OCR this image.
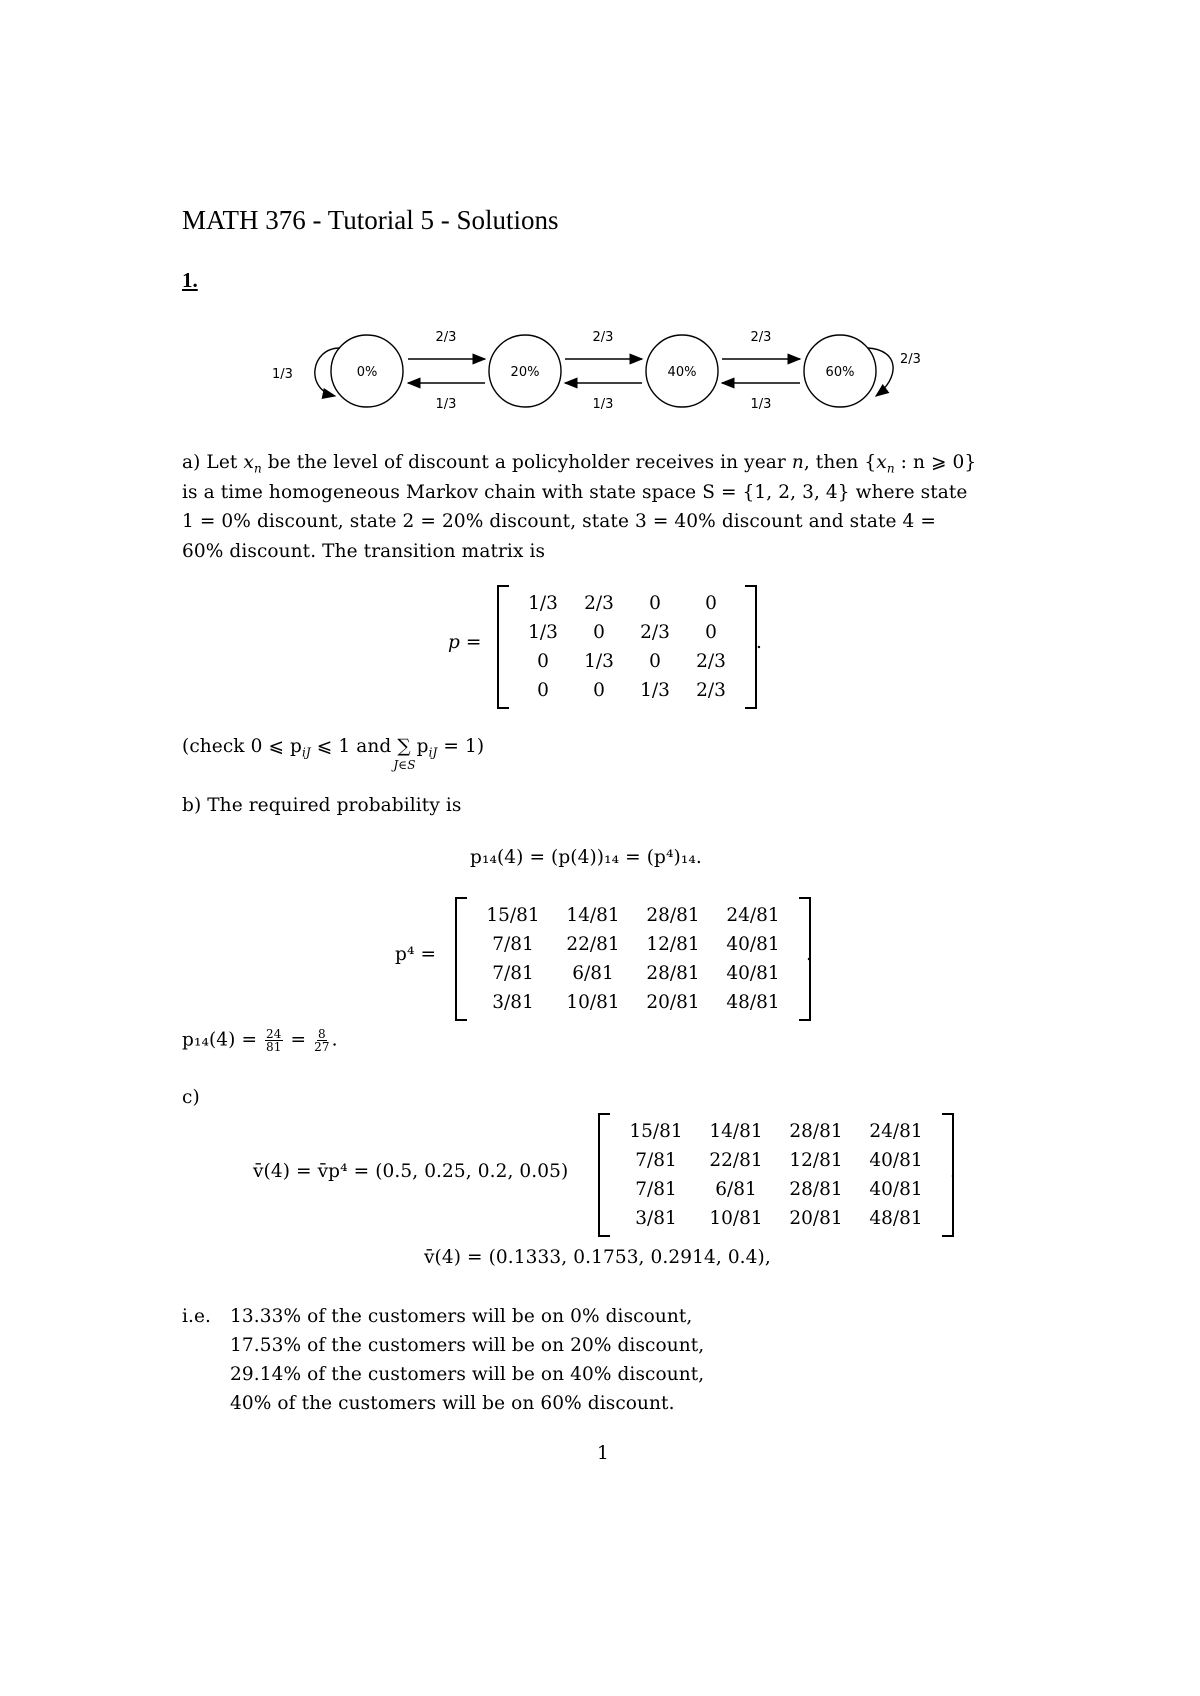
MATH 376 - Tutorial 5 - Solutions
1.
0%	20%	40%	60%
2/3	2/3	2/3
1/3	1/3	1/3
1/3
2/3
a) Let $x_n$ be the level of discount a policyholder receives in year n, then {$x_n$ : n ⩾ 0}
is a time homogeneous Markov chain with state space S = {1, 2, 3, 4} where state
1 = 0% discount, state 2 = 20% discount, state 3 = 40% discount and state 4 =
60% discount. The transition matrix is
p =
1/3	2/3	0	0
1/3	0	2/3	0
0	1/3	0	2/3
0	0	1/3	2/3
.
(check 0 ⩽ $p_{iJ}$ ⩽ 1 and ∑
J∈S
$p_{iJ} = 1$)
b) The required probability is
p₁₄(4) = (p(4))₁₄ = (p⁴)₁₄.
p⁴ =
15/81	14/81	28/81	24/81
7/81	22/81	12/81	40/81
7/81	6/81	28/81	40/81
3/81	10/81	20/81	48/81
.
$p_{14}(4) = \frac{24}{81} = \frac{8}{27}$ .
c)
v̄(4) = v̄p⁴ = (0.5, 0.25, 0.2, 0.05)
15/81	14/81	28/81	24/81
7/81	22/81	12/81	40/81
7/81	6/81	28/81	40/81
3/81	10/81	20/81	48/81
.
v̄(4) = (0.1333, 0.1753, 0.2914, 0.4),
i.e. 13.33% of the customers will be on 0% discount,
17.53% of the customers will be on 20% discount,
29.14% of the customers will be on 40% discount,
40% of the customers will be on 60% discount.
1
